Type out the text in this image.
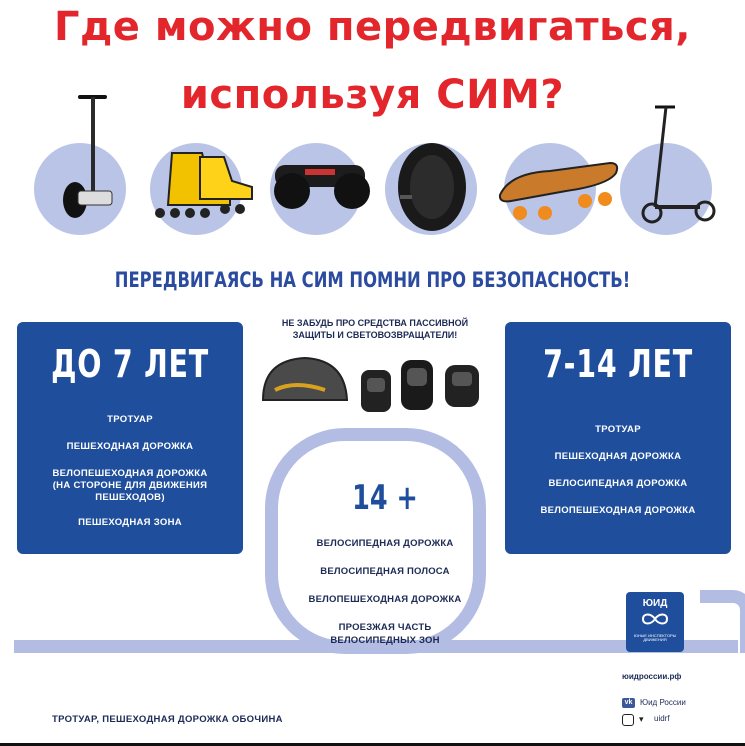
Где можно передвигаться,
используя СИМ?
ПЕРЕДВИГАЯСЬ НА СИМ ПОМНИ ПРО БЕЗОПАСНОСТЬ!
НЕ ЗАБУДЬ ПРО СРЕДСТВА ПАССИВНОЙ
ЗАЩИТЫ И СВЕТОВОЗВРАЩАТЕЛИ!
ДО 7 ЛЕТ
ТРОТУАР
ПЕШЕХОДНАЯ ДОРОЖКА
ВЕЛОПЕШЕХОДНАЯ ДОРОЖКА
(НА СТОРОНЕ ДЛЯ ДВИЖЕНИЯ
ПЕШЕХОДОВ)
ПЕШЕХОДНАЯ ЗОНА
7-14 ЛЕТ
ТРОТУАР
ПЕШЕХОДНАЯ ДОРОЖКА
ВЕЛОСИПЕДНАЯ ДОРОЖКА
ВЕЛОПЕШЕХОДНАЯ ДОРОЖКА
14 +
ВЕЛОСИПЕДНАЯ ДОРОЖКА
ВЕЛОСИПЕДНАЯ ПОЛОСА
ВЕЛОПЕШЕХОДНАЯ ДОРОЖКА
ПРОЕЗЖАЯ ЧАСТЬ
ВЕЛОСИПЕДНЫХ ЗОН
при отсутствии указанной инфраструктуры:
ТРОТУАР, ПЕШЕХОДНАЯ ДОРОЖКА ОБОЧИНА
ЮИД
ЮНЫЕ ИНСПЕКТОРЫ ДВИЖЕНИЯ
юидроссии.рф
vk Юид России
▾ uidrf
